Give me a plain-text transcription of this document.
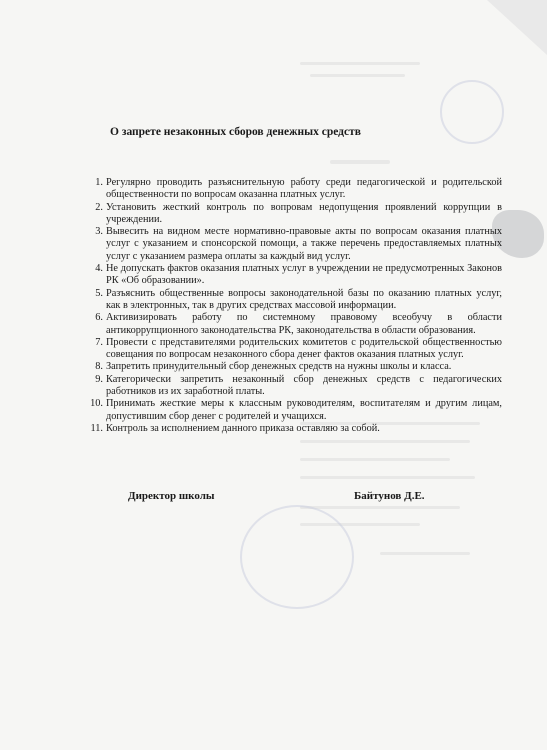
О запрете незаконных сборов денежных средств
1. Регулярно проводить разъяснительную работу среди педагогической и родительской общественности по вопросам оказанна платных услуг.
2. Установить жесткий контроль по вопровам недопущения проявлений коррупции в учреждении.
3. Вывесить на видном месте нормативно-правовые акты по вопросам оказания платных услуг с указанием и спонсорской помощи, а также перечень предоставляемых платных услуг с указанием размера оплаты за каждый вид услуг.
4. Не допускать фактов оказания платных услуг в учреждении не предусмотренных Законов РК «Об образовании».
5. Разъяснить общественные вопросы законодательной базы по оказанию платных услуг, как в электронных, так в других средствах массовой информации.
6. Активизировать работу по системному правовому всеобучу в области антикоррупционного законодательства РК, законодательства в области образования.
7. Провести с представителями родительских комитетов с родительской общественностью совещания по вопросам незаконного сбора денег фактов оказания платных услуг.
8. Запретить принудительный сбор денежных средств на нужны школы и класса.
9. Категорически запретить незаконный сбор денежных средств с педагогических работников из их заработной платы.
10. Принимать жесткие меры к классным руководителям, воспитателям и другим лицам, допустившим сбор денег с родителей и учащихся.
11. Контроль за исполнением данного приказа оставляю за собой.
Директор школы	Байтунов Д.Е.
